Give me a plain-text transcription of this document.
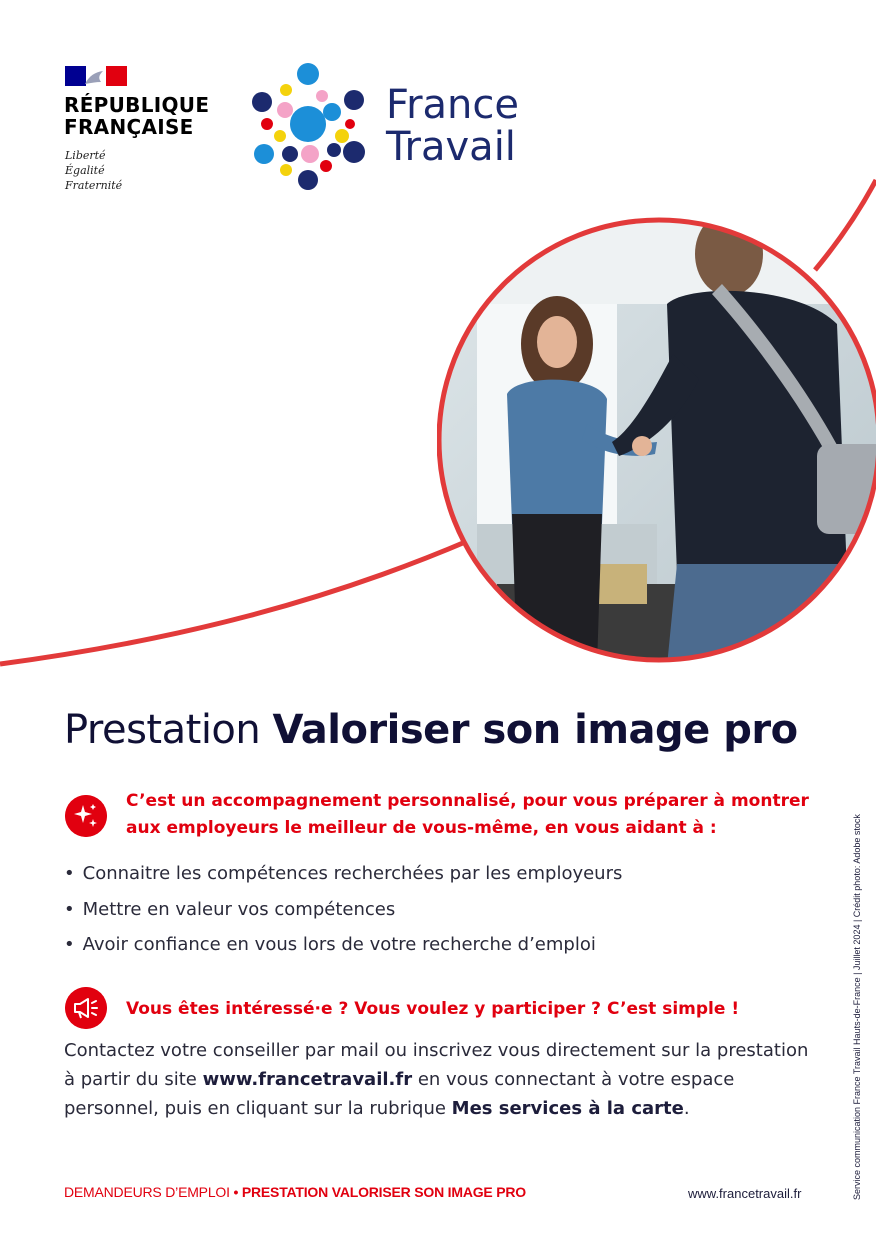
RÉPUBLIQUE
FRANÇAISE
Liberté
Égalité
Fraternité
France
Travail
Prestation Valoriser son image pro
C’est un accompagnement personnalisé, pour vous préparer à montrer aux employeurs le meilleur de vous-même, en vous aidant à :
• Connaitre les compétences recherchées par les employeurs
• Mettre en valeur vos compétences
• Avoir confiance en vous lors de votre recherche d’emploi
Vous êtes intéressé·e ? Vous voulez y participer ? C’est simple !
Contactez votre conseiller par mail ou inscrivez vous directement sur la prestation à partir du site www.francetravail.fr en vous connectant à votre espace personnel, puis en cliquant sur la rubrique Mes services à la carte.
DEMANDEURS D’EMPLOI • PRESTATION VALORISER SON IMAGE PRO	www.francetravail.fr	Service communication France Travail Hauts-de-France | Juillet 2024 | Crédit photo: Adobe stock
